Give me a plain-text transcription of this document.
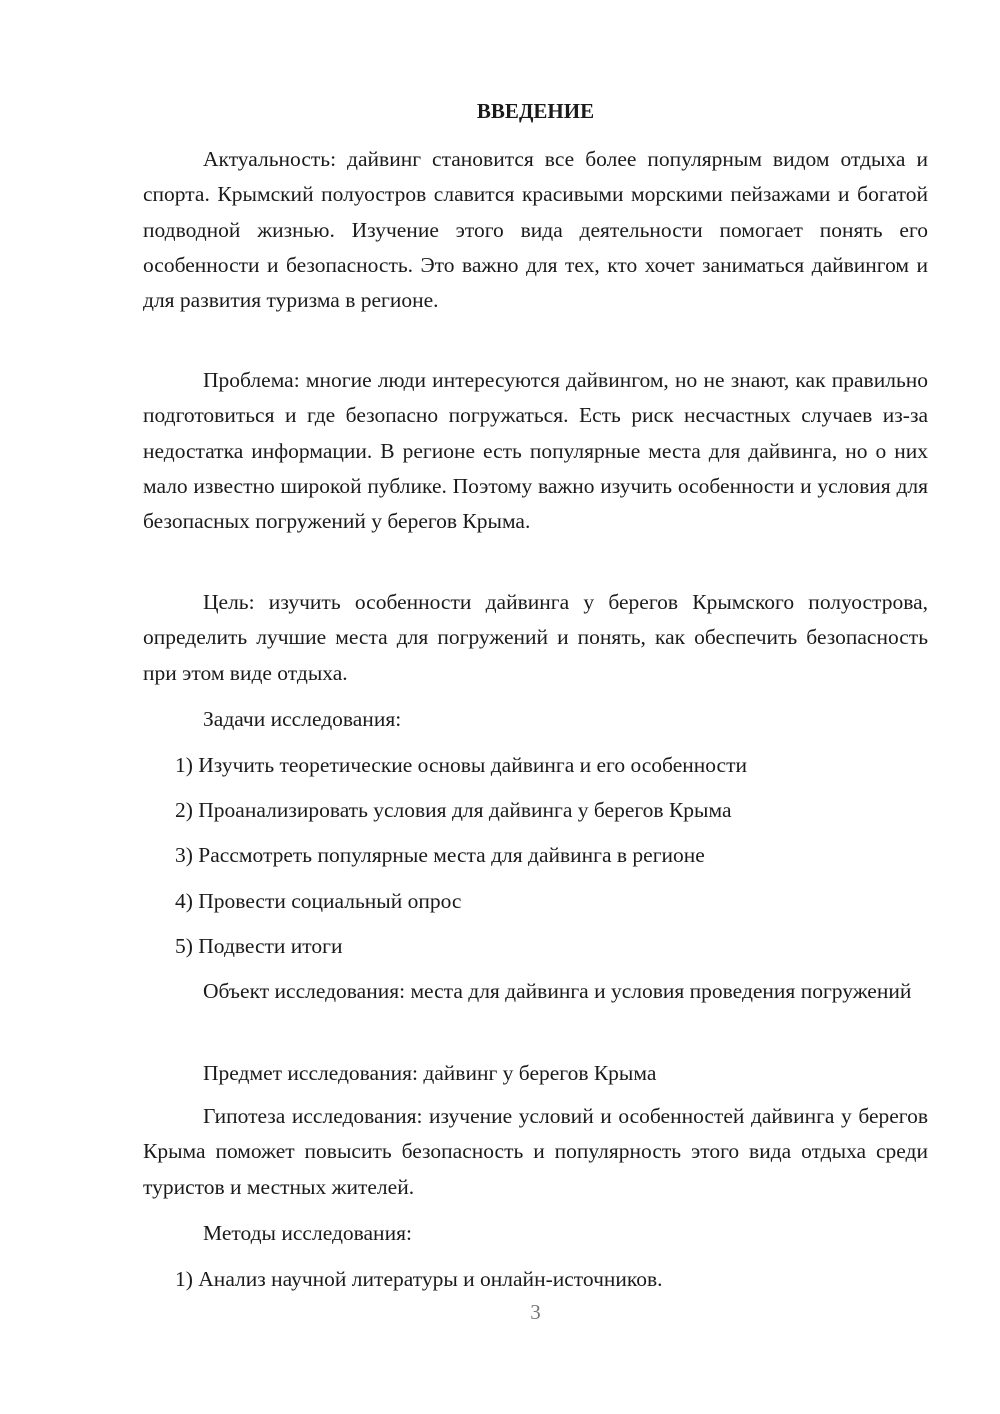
ВВЕДЕНИЕ

Актуальность: дайвинг становится все более популярным видом отдыха и спорта. Крымский полуостров славится красивыми морскими пейзажами и богатой подводной жизнью. Изучение этого вида деятельности помогает понять его особенности и безопасность. Это важно для тех, кто хочет заниматься дайвингом и для развития туризма в регионе.

Проблема: многие люди интересуются дайвингом, но не знают, как правильно подготовиться и где безопасно погружаться. Есть риск несчастных случаев из-за недостатка информации. В регионе есть популярные места для дайвинга, но о них мало известно широкой публике. Поэтому важно изучить особенности и условия для безопасных погружений у берегов Крыма.

Цель: изучить особенности дайвинга у берегов Крымского полуострова, определить лучшие места для погружений и понять, как обеспечить безопасность при этом виде отдыха.

Задачи исследования:
1) Изучить теоретические основы дайвинга и его особенности
2) Проанализировать условия для дайвинга у берегов Крыма
3) Рассмотреть популярные места для дайвинга в регионе
4) Провести социальный опрос
5) Подвести итоги

Объект исследования: места для дайвинга и условия проведения погружений

Предмет исследования: дайвинг у берегов Крыма

Гипотеза исследования: изучение условий и особенностей дайвинга у берегов Крыма поможет повысить безопасность и популярность этого вида отдыха среди туристов и местных жителей.

Методы исследования:
1) Анализ научной литературы и онлайн-источников.
3
